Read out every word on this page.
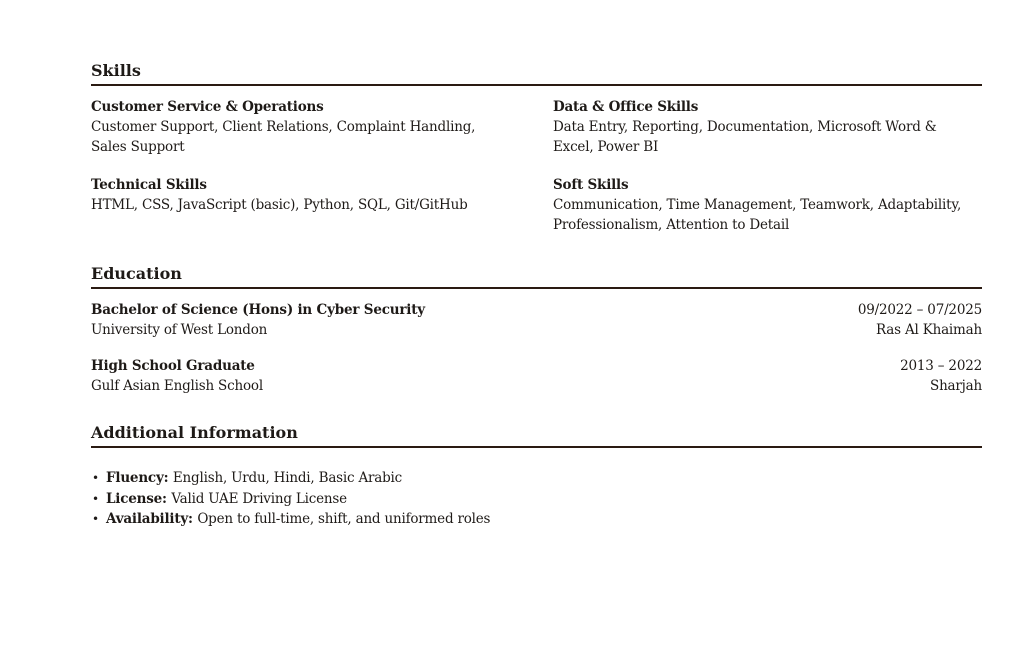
Skills
Customer Service & Operations
Customer Support, Client Relations, Complaint Handling, Sales Support
Data & Office Skills
Data Entry, Reporting, Documentation, Microsoft Word & Excel, Power BI
Technical Skills
HTML, CSS, JavaScript (basic), Python, SQL, Git/GitHub
Soft Skills
Communication, Time Management, Teamwork, Adaptability, Professionalism, Attention to Detail
Education
Bachelor of Science (Hons) in Cyber Security
University of West London
09/2022 – 07/2025
Ras Al Khaimah
High School Graduate
Gulf Asian English School
2013 – 2022
Sharjah
Additional Information
• Fluency: English, Urdu, Hindi, Basic Arabic
• License: Valid UAE Driving License
• Availability: Open to full-time, shift, and uniformed roles
